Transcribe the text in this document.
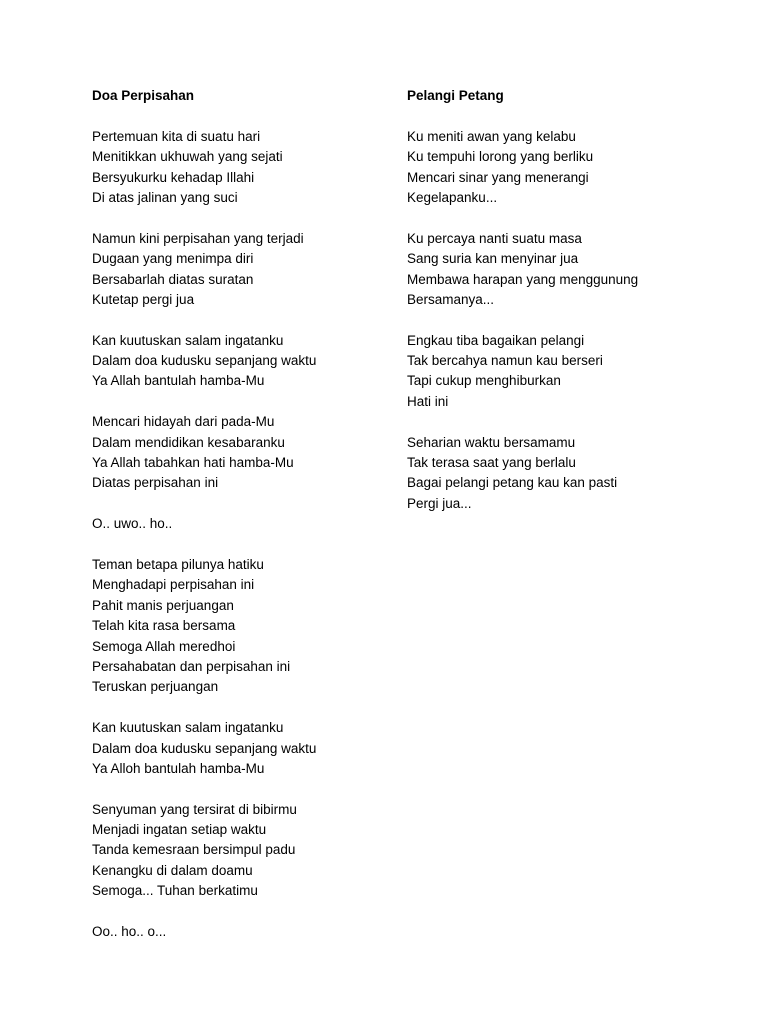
Doa Perpisahan
Pertemuan kita di suatu hari
Menitikkan ukhuwah yang sejati
Bersyukurku kehadap Illahi
Di atas jalinan yang suci
Namun kini perpisahan yang terjadi
Dugaan yang menimpa diri
Bersabarlah diatas suratan
Kutetap pergi jua
Kan kuutuskan salam ingatanku
Dalam doa kudusku sepanjang waktu
Ya Allah bantulah hamba-Mu
Mencari hidayah dari pada-Mu
Dalam mendidikan kesabaranku
Ya Allah tabahkan hati hamba-Mu
Diatas perpisahan ini
O.. uwo.. ho..
Teman betapa pilunya hatiku
Menghadapi perpisahan ini
Pahit manis perjuangan
Telah kita rasa bersama
Semoga Allah meredhoi
Persahabatan dan perpisahan ini
Teruskan perjuangan
Kan kuutuskan salam ingatanku
Dalam doa kudusku sepanjang waktu
Ya Alloh bantulah hamba-Mu
Senyuman yang tersirat di bibirmu
Menjadi ingatan setiap waktu
Tanda kemesraan bersimpul padu
Kenangku di dalam doamu
Semoga... Tuhan berkatimu
Oo.. ho.. o...
Pelangi Petang
Ku meniti awan yang kelabu
Ku tempuhi lorong yang berliku
Mencari sinar yang menerangi
Kegelapanku...
Ku percaya nanti suatu masa
Sang suria kan menyinar jua
Membawa harapan yang menggunung
Bersamanya...
Engkau tiba bagaikan pelangi
Tak bercahya namun kau berseri
Tapi cukup menghiburkan
Hati ini
Seharian waktu bersamamu
Tak terasa saat yang berlalu
Bagai pelangi petang kau kan pasti
Pergi jua...
